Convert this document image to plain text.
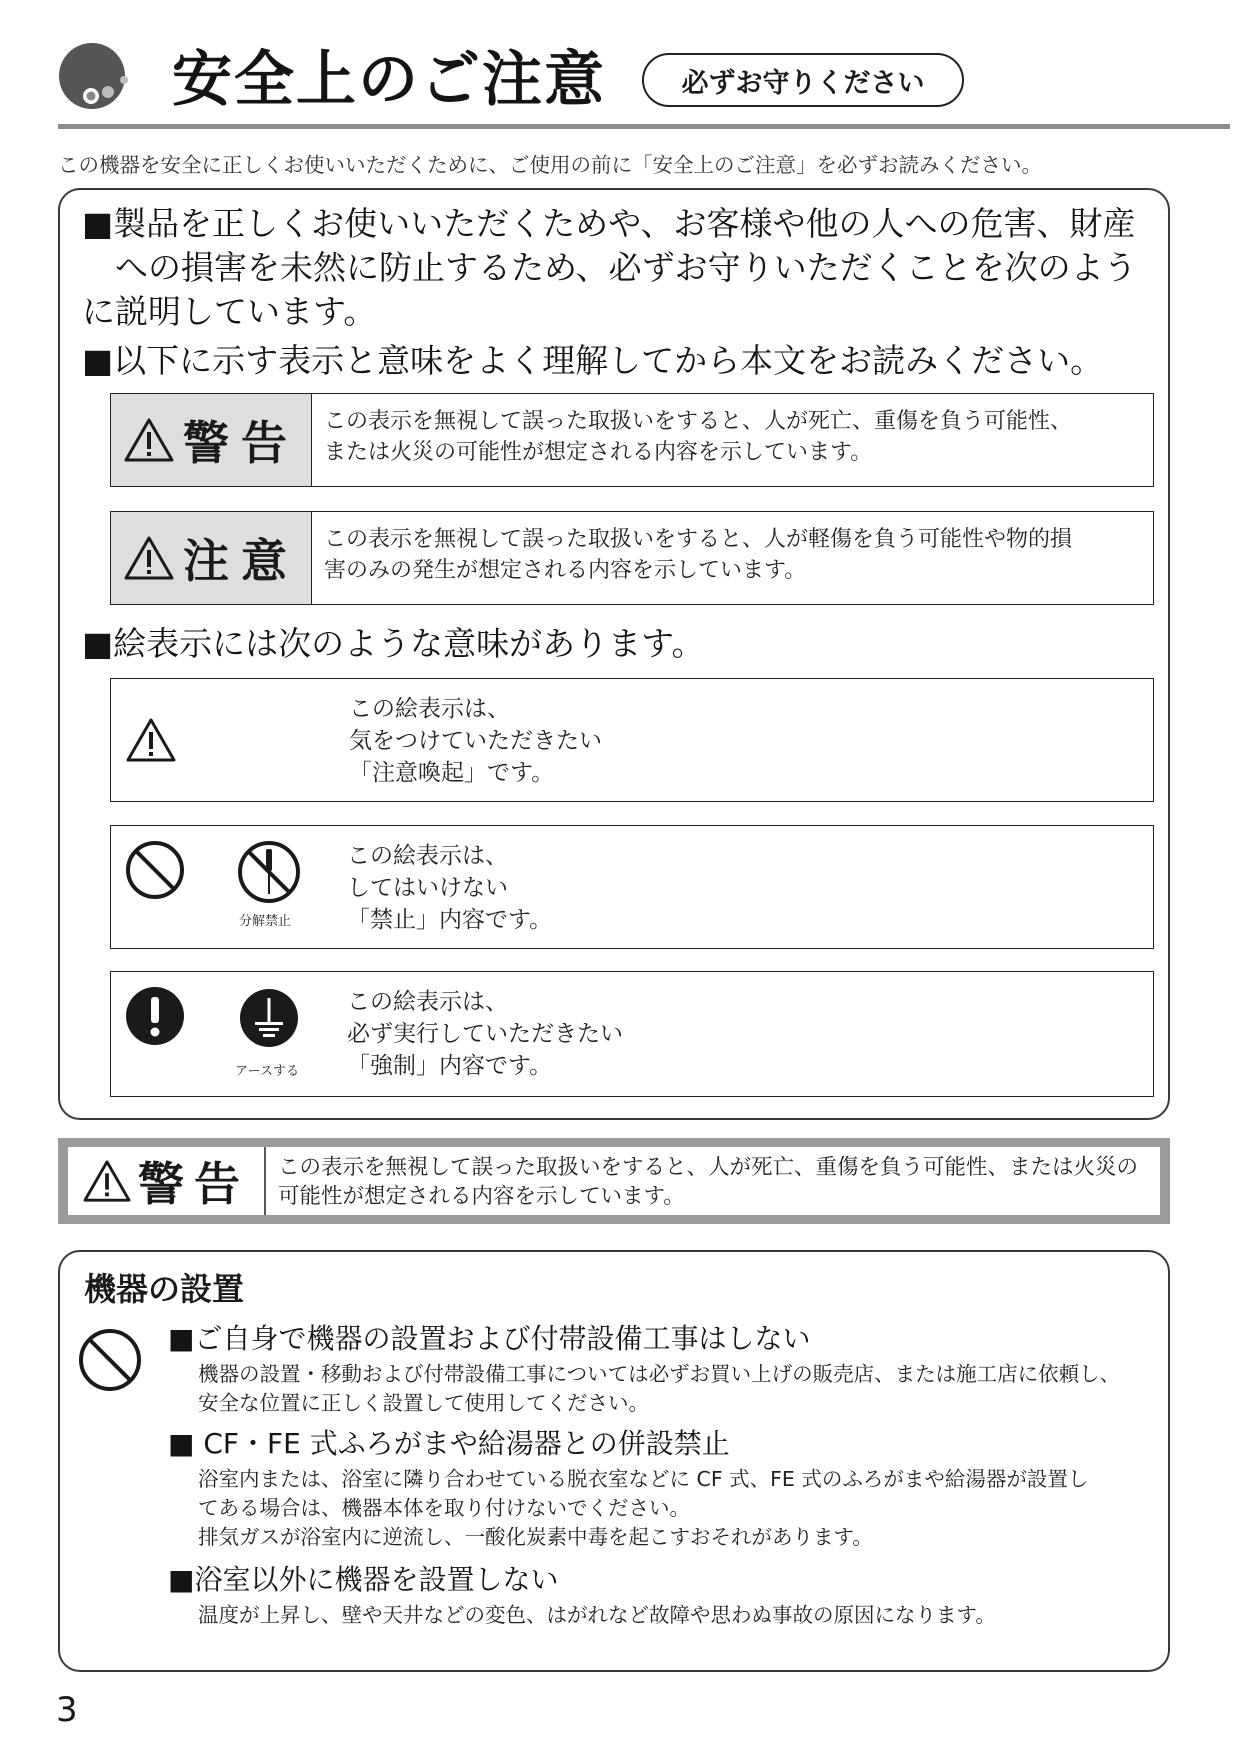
安全上のご注意	必ずお守りください
この機器を安全に正しくお使いいただくために、ご使用の前に「安全上のご注意」を必ずお読みください。
■製品を正しくお使いいただくためや、お客様や他の人への危害、財産
への損害を未然に防止するため、必ずお守りいただくことを次のよう
に説明しています。
■以下に示す表示と意味をよく理解してから本文をお読みください。
警告 この表示を無視して誤った取扱いをすると、人が死亡、重傷を負う可能性、
または火災の可能性が想定される内容を示しています。
注意 この表示を無視して誤った取扱いをすると、人が軽傷を負う可能性や物的損
害のみの発生が想定される内容を示しています。
■絵表示には次のような意味があります。
この絵表示は、
気をつけていただきたい
「注意喚起」です。
分解禁止
この絵表示は、
してはいけない
「禁止」内容です。
アースする
この絵表示は、
必ず実行していただきたい
「強制」内容です。
警告 この表示を無視して誤った取扱いをすると、人が死亡、重傷を負う可能性、または火災の
可能性が想定される内容を示しています。
機器の設置
■ご自身で機器の設置および付帯設備工事はしない
機器の設置・移動および付帯設備工事については必ずお買い上げの販売店、または施工店に依頼し、
安全な位置に正しく設置して使用してください。
■ CF・FE 式ふろがまや給湯器との併設禁止
浴室内または、浴室に隣り合わせている脱衣室などに CF 式、FE 式のふろがまや給湯器が設置し
てある場合は、機器本体を取り付けないでください。
排気ガスが浴室内に逆流し、一酸化炭素中毒を起こすおそれがあります。
■浴室以外に機器を設置しない
温度が上昇し、壁や天井などの変色、はがれなど故障や思わぬ事故の原因になります。
3
